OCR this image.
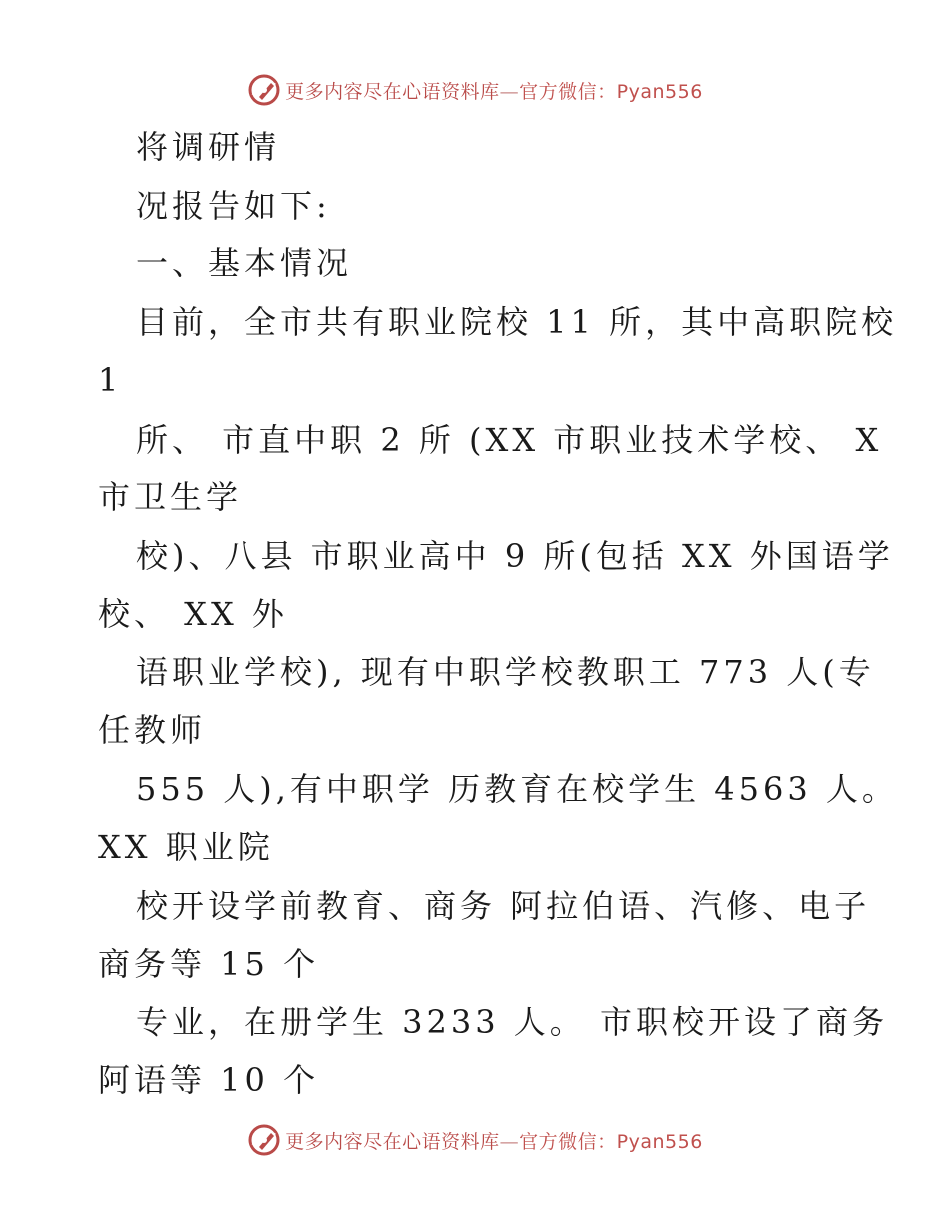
更多内容尽在心语资料库—官方微信：Pyan556
将调研情
况报告如下:
一、基本情况
目前，全市共有职业院校 11 所，其中高职院校
1
所、 市直中职 2 所 (XX 市职业技术学校、 X
市卫生学
校)、八县 市职业高中 9 所(包括 XX 外国语学
校、 XX 外
语职业学校), 现有中职学校教职工 773 人(专
任教师
555 人),有中职学 历教育在校学生 4563 人。
XX 职业院
校开设学前教育、商务 阿拉伯语、汽修、电子
商务等 15 个
专业，在册学生 3233 人。 市职校开设了商务
阿语等 10 个
更多内容尽在心语资料库—官方微信：Pyan556
